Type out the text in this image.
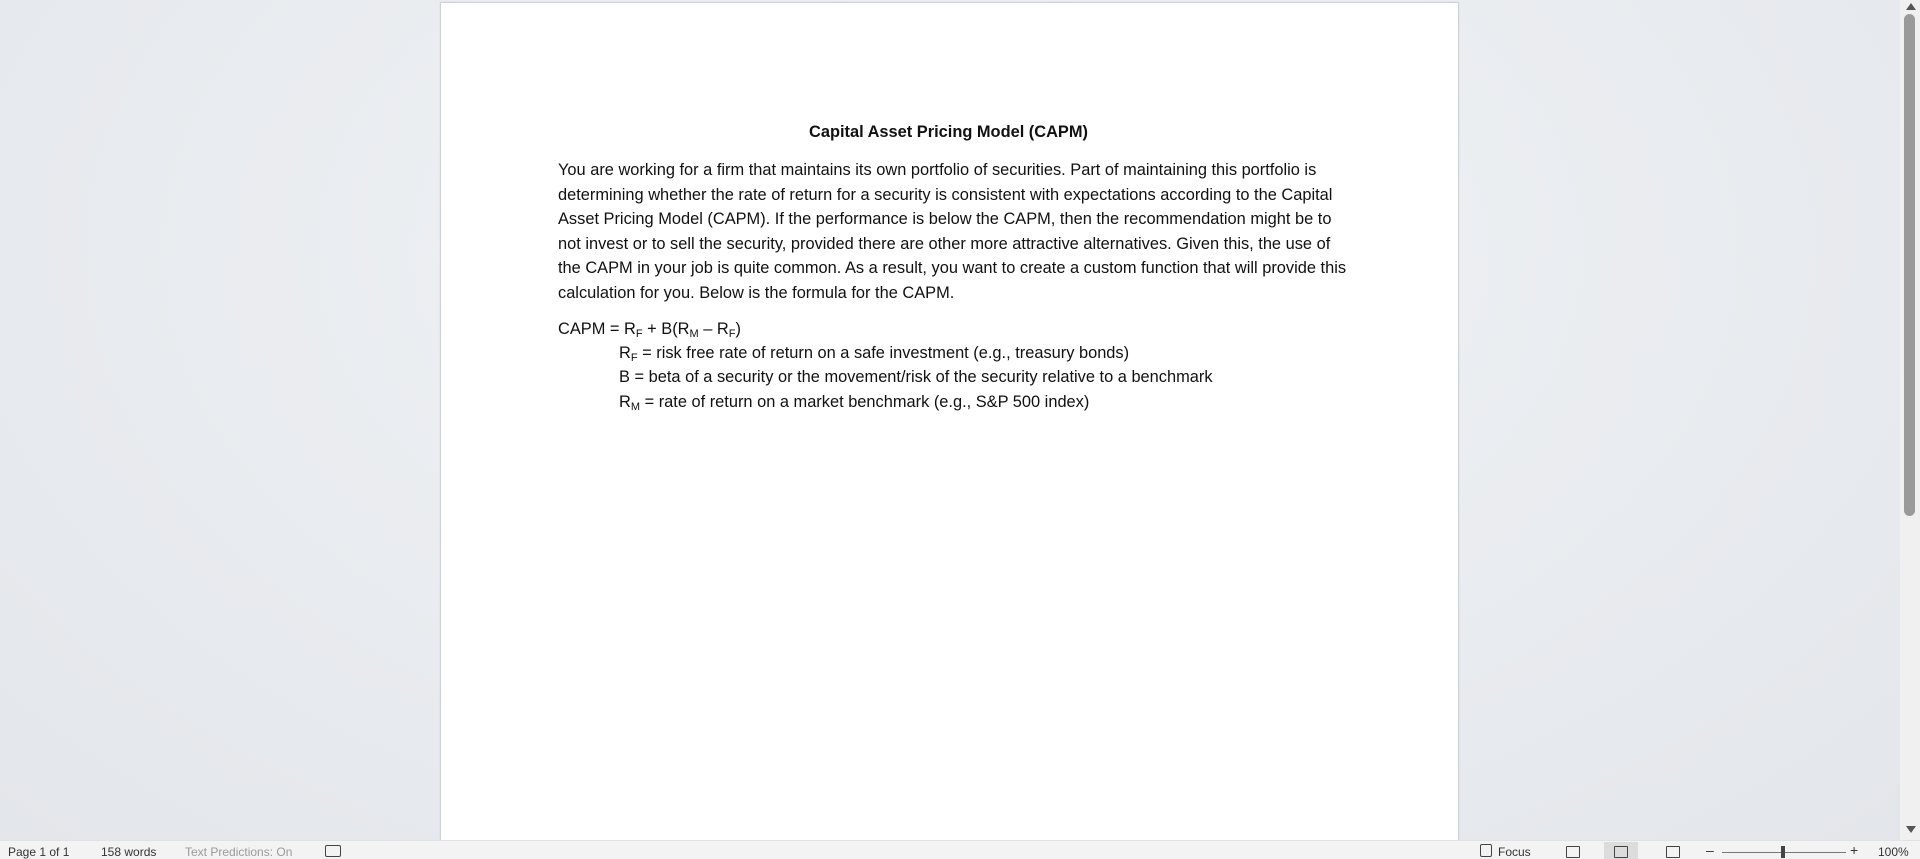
Capital Asset Pricing Model (CAPM)
You are working for a firm that maintains its own portfolio of securities. Part of maintaining this portfolio is determining whether the rate of return for a security is consistent with expectations according to the Capital Asset Pricing Model (CAPM). If the performance is below the CAPM, then the recommendation might be to not invest or to sell the security, provided there are other more attractive alternatives. Given this, the use of the CAPM in your job is quite common. As a result, you want to create a custom function that will provide this calculation for you. Below is the formula for the CAPM.
CAPM = $R_F + B(R_M - R_F)$
$R_F$ = risk free rate of return on a safe investment (e.g., treasury bonds)
B = beta of a security or the movement/risk of the security relative to a benchmark
$R_M$ = rate of return on a market benchmark (e.g., S&P 500 index)
Page 1 of 1	158 words Text Predictions: On	Focus	–	+ 100%
